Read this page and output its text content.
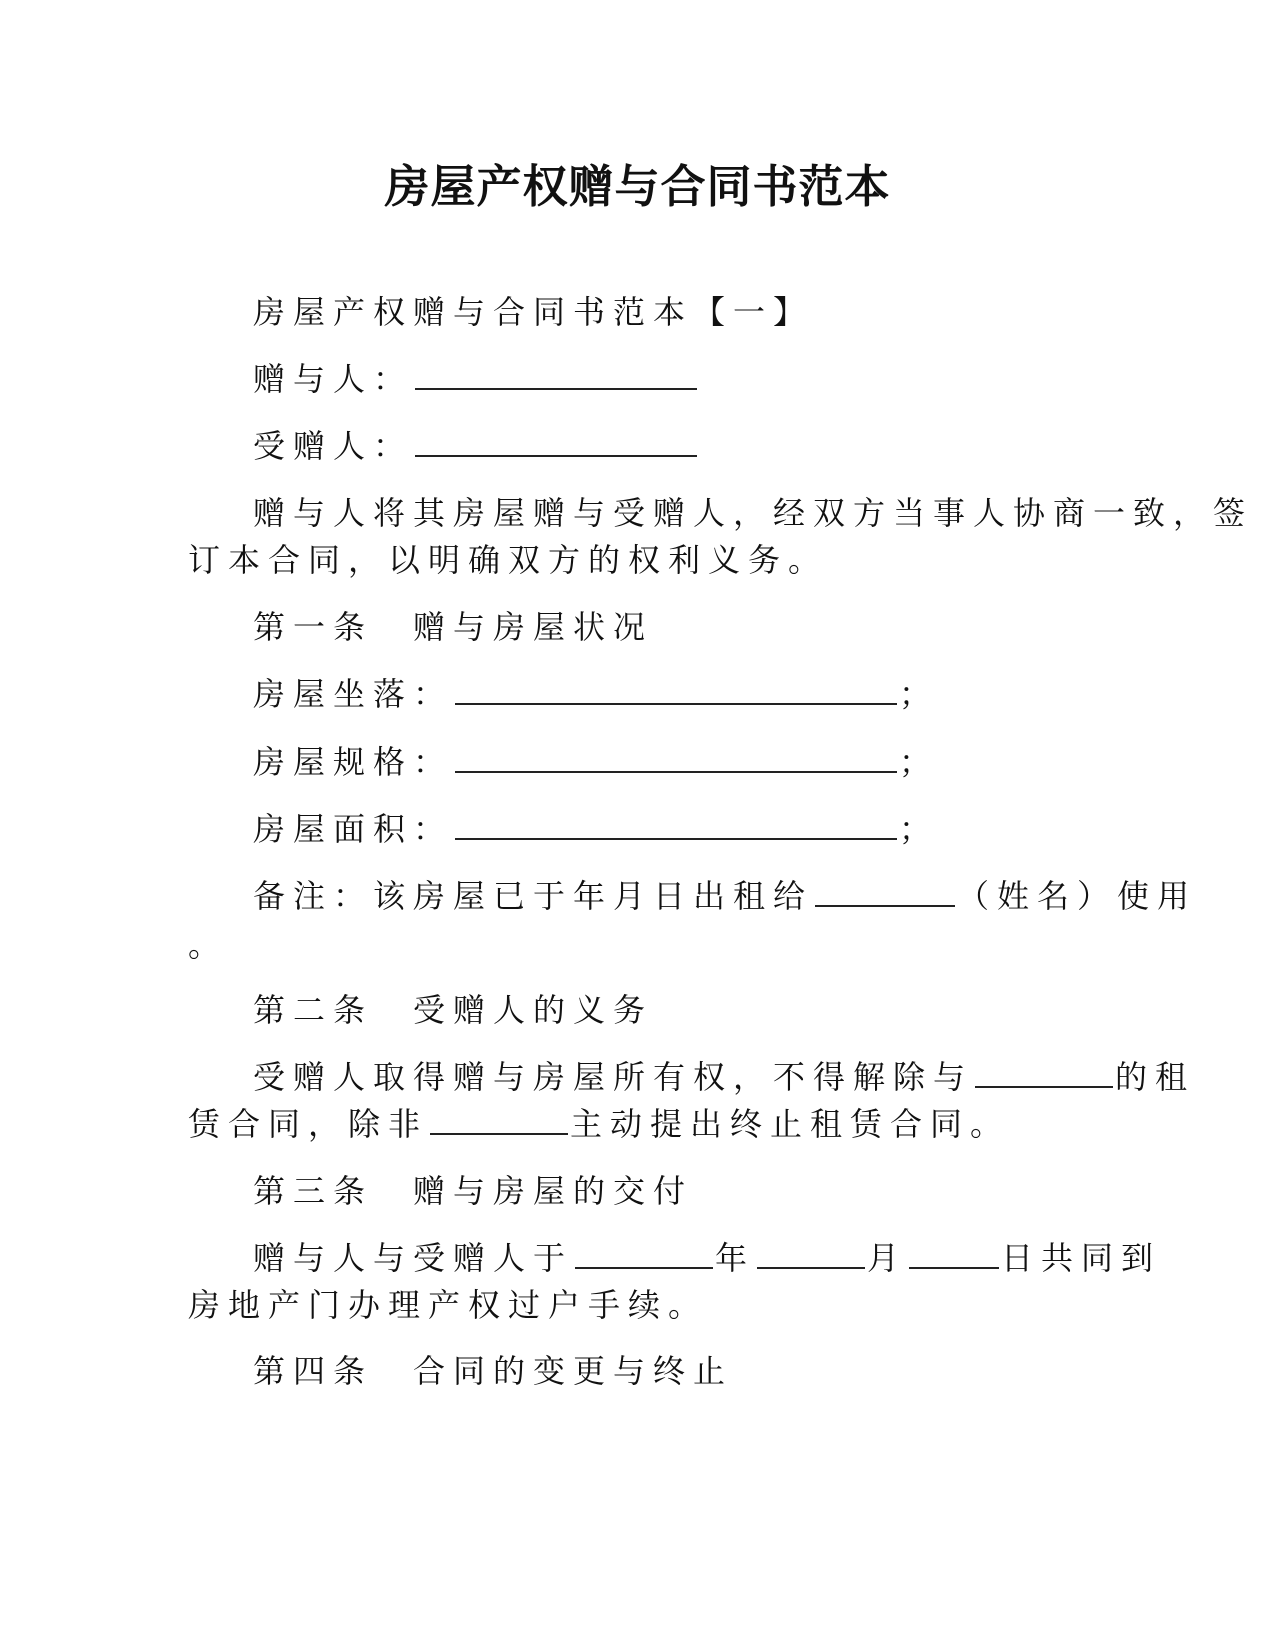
房屋产权赠与合同书范本
房屋产权赠与合同书范本【一】
赠与人：
受赠人：
赠与人将其房屋赠与受赠人，经双方当事人协商一致，签
订本合同，以明确双方的权利义务。
第一条　赠与房屋状况
房屋坐落：	；
房屋规格：	；
房屋面积：	；
备注：该房屋已于年月日出租给	（姓名）使用
。
第二条　受赠人的义务
受赠人取得赠与房屋所有权，不得解除与	的租
赁合同，除非	主动提出终止租赁合同。
第三条　赠与房屋的交付
赠与人与受赠人于	年	月	日共同到
房地产门办理产权过户手续。
第四条　合同的变更与终止
